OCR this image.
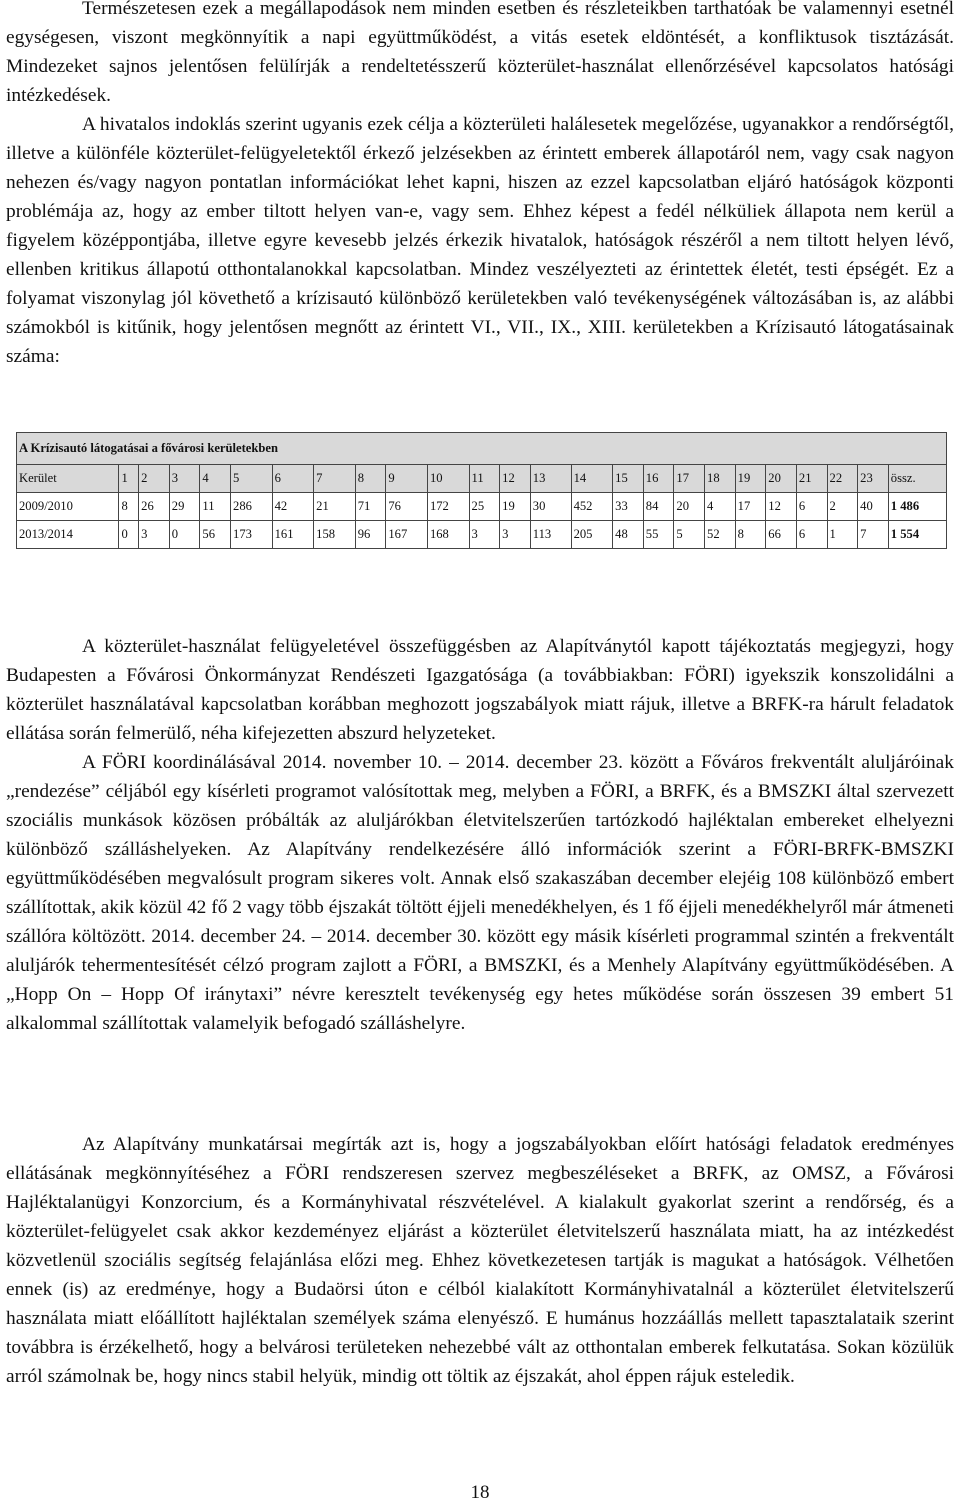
Természetesen ezek a megállapodások nem minden esetben és részleteikben tarthatóak be valamennyi esetnél egységesen, viszont megkönnyítik a napi együttműködést, a vitás esetek eldöntését, a konfliktusok tisztázását. Mindezeket sajnos jelentősen felülírják a rendeltetésszerű közterület-használat ellenőrzésével kapcsolatos hatósági intézkedések.
A hivatalos indoklás szerint ugyanis ezek célja a közterületi halálesetek megelőzése, ugyanakkor a rendőrségtől, illetve a különféle közterület-felügyeletektől érkező jelzésekben az érintett emberek állapotáról nem, vagy csak nagyon nehezen és/vagy nagyon pontatlan információkat lehet kapni, hiszen az ezzel kapcsolatban eljáró hatóságok központi problémája az, hogy az ember tiltott helyen van-e, vagy sem. Ehhez képest a fedél nélküliek állapota nem kerül a figyelem középpontjába, illetve egyre kevesebb jelzés érkezik hivatalok, hatóságok részéről a nem tiltott helyen lévő, ellenben kritikus állapotú otthontalanokkal kapcsolatban. Mindez veszélyezteti az érintettek életét, testi épségét. Ez a folyamat viszonylag jól követhető a krízisautó különböző kerületekben való tevékenységének változásában is, az alábbi számokból is kitűnik, hogy jelentősen megnőtt az érintett VI., VII., IX., XIII. kerületekben a Krízisautó látogatásainak száma:

A Krízisautó látogatásai a fővárosi kerületekben																								
Kerület	1	2	3	4	5	6	7	8	9	10	11	12	13	14	15	16	17	18	19	20	21	22	23	össz.
2009/2010	8	26	29	11	286	42	21	71	76	172	25	19	30	452	33	84	20	4	17	12	6	2	40	1 486
2013/2014	0	3	0	56	173	161	158	96	167	168	3	3	113	205	48	55	5	52	8	66	6	1	7	1 554

A közterület-használat felügyeletével összefüggésben az Alapítványtól kapott tájékoztatás megjegyzi, hogy Budapesten a Fővárosi Önkormányzat Rendészeti Igazgatósága (a továbbiakban: FÖRI) igyekszik konszolidálni a közterület használatával kapcsolatban korábban meghozott jogszabályok miatt rájuk, illetve a BRFK-ra hárult feladatok ellátása során felmerülő, néha kifejezetten abszurd helyzeteket.
A FÖRI koordinálásával 2014. november 10. – 2014. december 23. között a Főváros frekventált aluljáróinak „rendezése” céljából egy kísérleti programot valósítottak meg, melyben a FÖRI, a BRFK, és a BMSZKI által szervezett szociális munkások közösen próbálták az aluljárókban életvitelszerűen tartózkodó hajléktalan embereket elhelyezni különböző szálláshelyeken. Az Alapítvány rendelkezésére álló információk szerint a FÖRI-BRFK-BMSZKI együttműködésében megvalósult program sikeres volt. Annak első szakaszában december elejéig 108 különböző embert szállítottak, akik közül 42 fő 2 vagy több éjszakát töltött éjjeli menedékhelyen, és 1 fő éjjeli menedékhelyről már átmeneti szállóra költözött. 2014. december 24. – 2014. december 30. között egy másik kísérleti programmal szintén a frekventált aluljárók tehermentesítését célzó program zajlott a FÖRI, a BMSZKI, és a Menhely Alapítvány együttműködésében. A „Hopp On – Hopp Of iránytaxi” névre keresztelt tevékenység egy hetes működése során összesen 39 embert 51 alkalommal szállítottak valamelyik befogadó szálláshelyre.

Az Alapítvány munkatársai megírták azt is, hogy a jogszabályokban előírt hatósági feladatok eredményes ellátásának megkönnyítéséhez a FÖRI rendszeresen szervez megbeszéléseket a BRFK, az OMSZ, a Fővárosi Hajléktalanügyi Konzorcium, és a Kormányhivatal részvételével. A kialakult gyakorlat szerint a rendőrség, és a közterület-felügyelet csak akkor kezdeményez eljárást a közterület életvitelszerű használata miatt, ha az intézkedést közvetlenül szociális segítség felajánlása előzi meg. Ehhez következetesen tartják is magukat a hatóságok. Vélhetően ennek (is) az eredménye, hogy a Budaörsi úton e célból kialakított Kormányhivatalnál a közterület életvitelszerű használata miatt előállított hajléktalan személyek száma elenyésző. E humánus hozzáállás mellett tapasztalataik szerint továbbra is érzékelhető, hogy a belvárosi területeken nehezebbé vált az otthontalan emberek felkutatása. Sokan közülük arról számolnak be, hogy nincs stabil helyük, mindig ott töltik az éjszakát, ahol éppen rájuk esteledik.

18
